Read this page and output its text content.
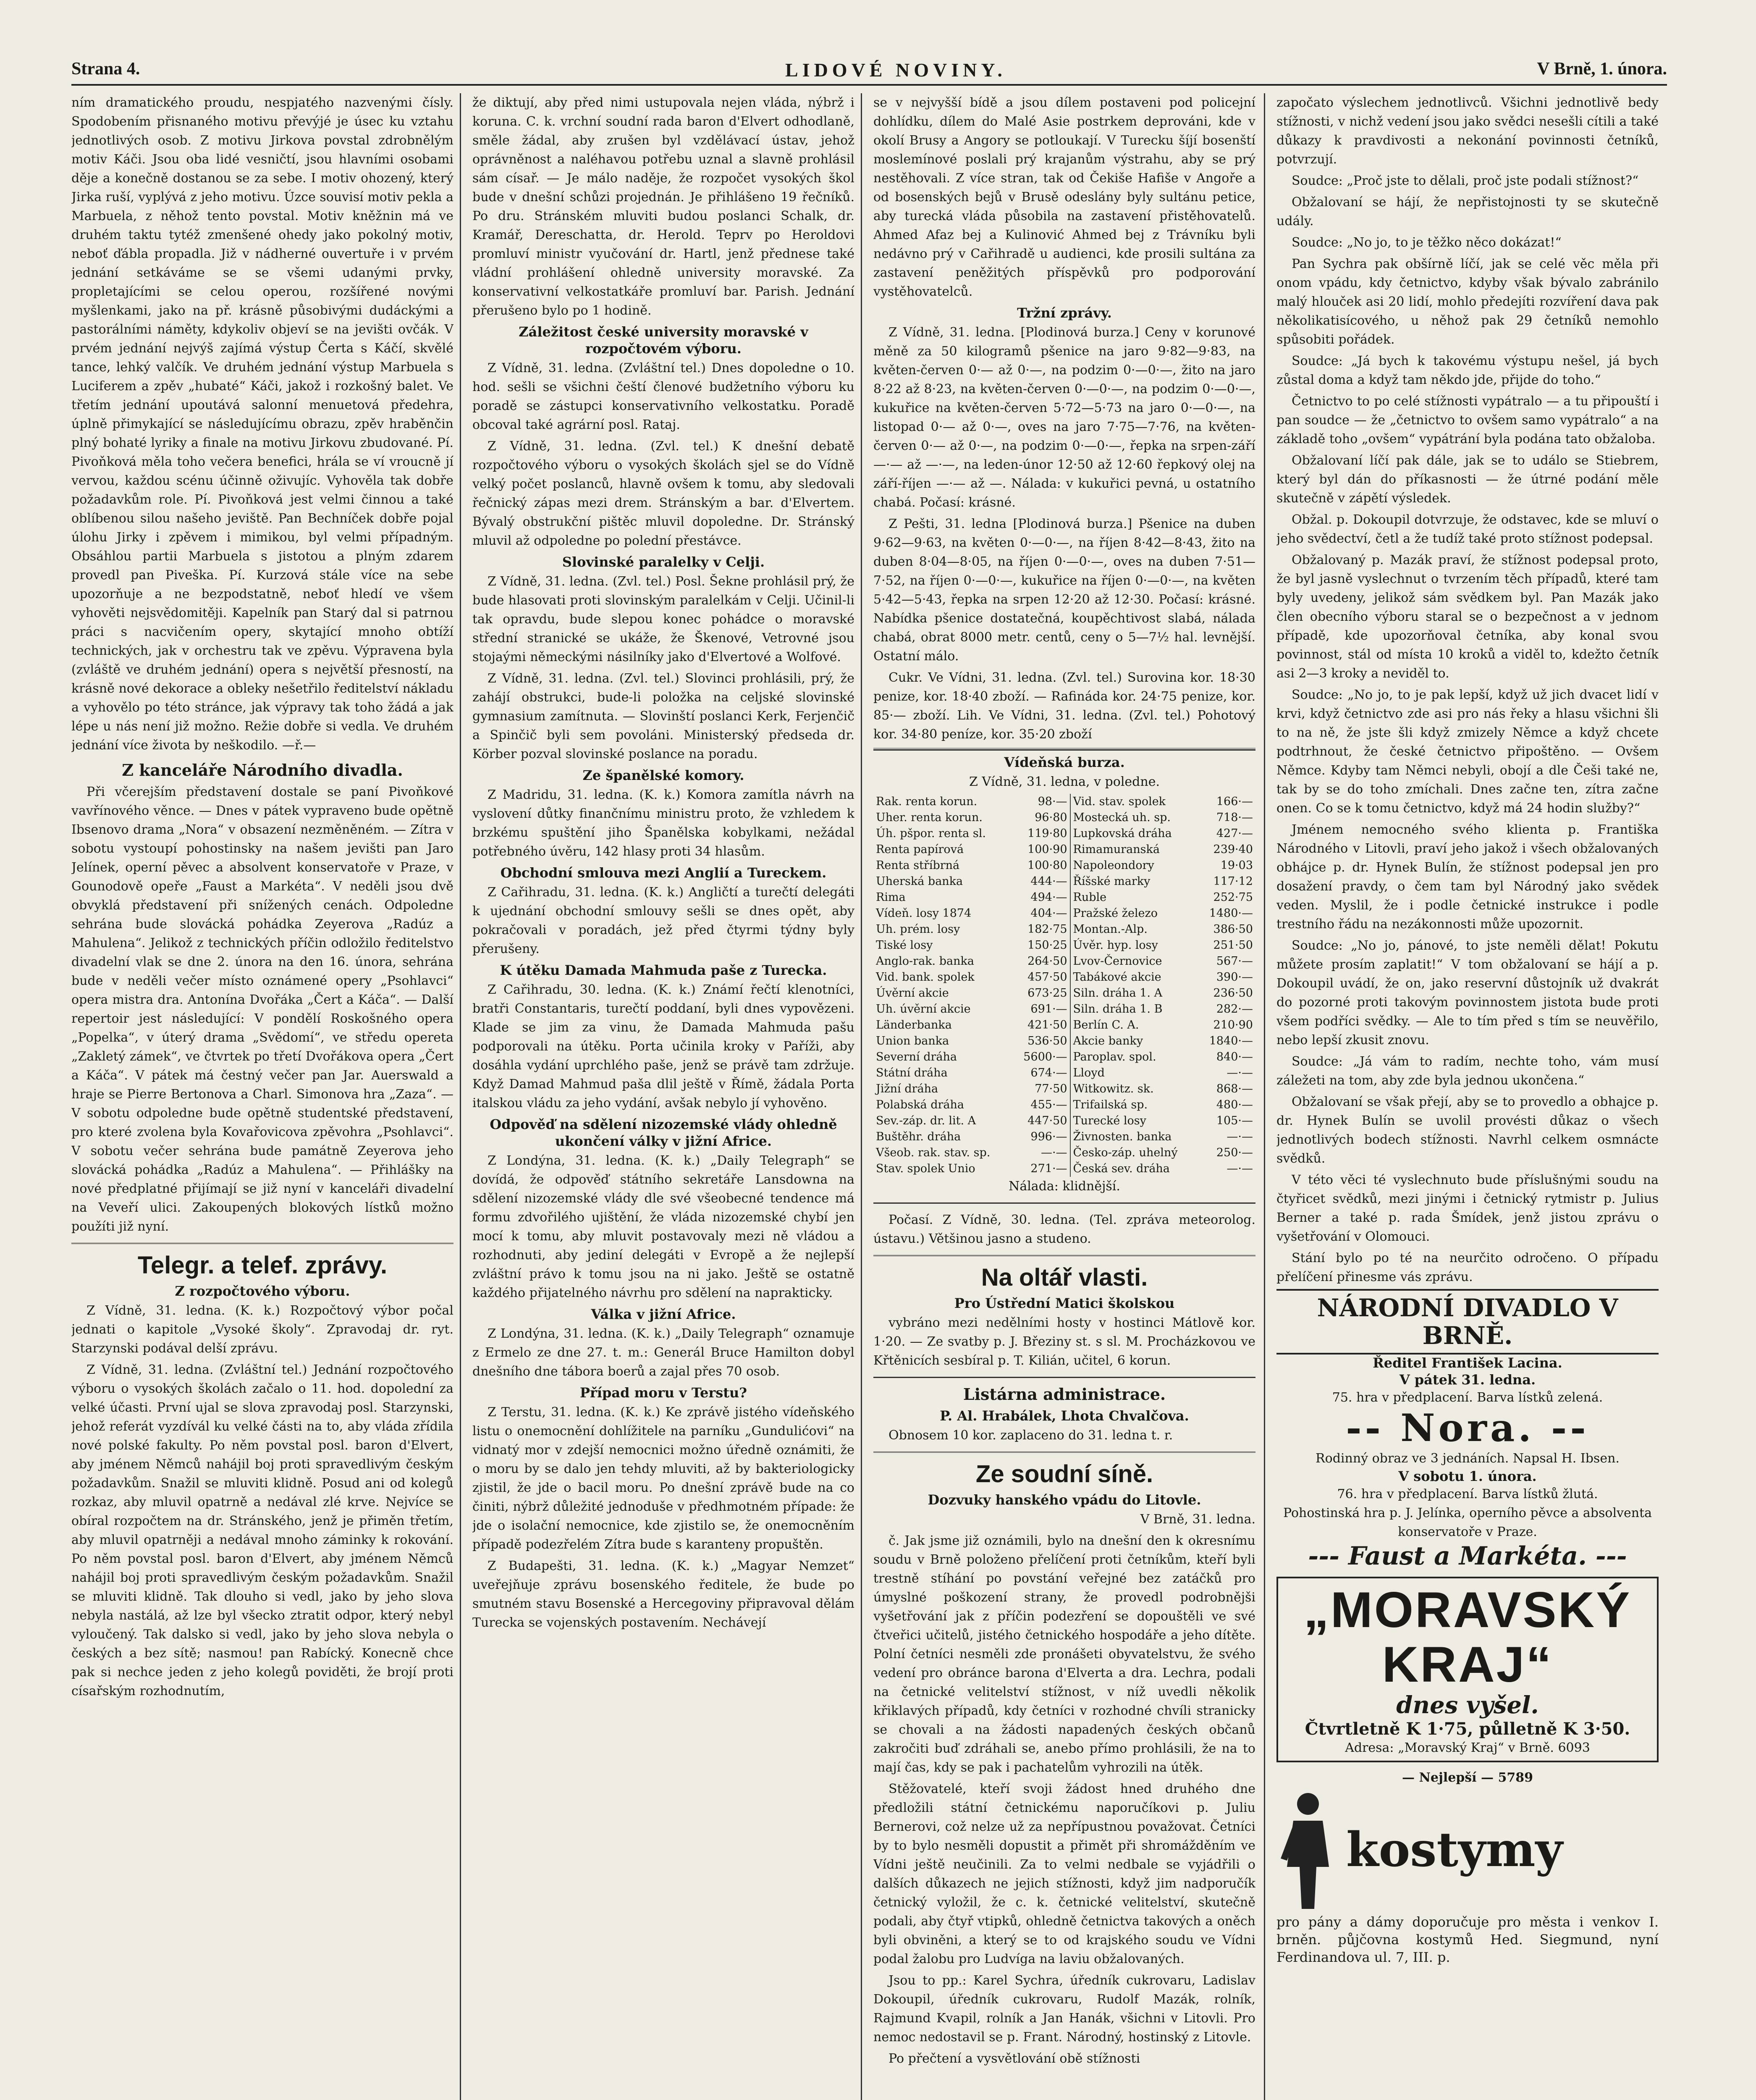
Strana 4.	LIDOVÉ NOVINY.	V Brně, 1. února.

ním dramatického proudu, nespjatého nazvenými čísly. Spodobením přisnaného motivu převýjé je úsec ku vztahu jednotlivých osob. Z motivu Jirkova povstal zdrobnělým motiv Káči. Jsou oba lidé vesničtí, jsou hlavními osobami děje a konečně dostanou se za sebe. I motiv ohozený, který Jirka ruší, vyplývá z jeho motivu. Úzce souvisí motiv pekla a Marbuela, z něhož tento povstal. Motiv kněžnin má ve druhém taktu tytéž zmenšené ohedy jako pokolný motiv, neboť ďábla propadla. Již v nádherné ouvertuře i v prvém jednání setkáváme se se všemi udanými prvky, propletajícími se celou operou, rozšířené novými myšlenkami, jako na př. krásně působivými dudáckými a pastorálními náměty, kdykoliv objeví se na jevišti ovčák. V prvém jednání nejvýš zajímá výstup Čerta s Káčí, skvělé tance, lehký valčík. Ve druhém jednání výstup Marbuela s Luciferem a zpěv „hubaté“ Káči, jakož i rozkošný balet. Ve třetím jednání upoutává salonní menuetová předehra, úplně přimykající se následujícímu obrazu, zpěv hraběnčin plný bohaté lyriky a finale na motivu Jirkovu zbudované. Pí. Pivoňková měla toho večera benefici, hrála se ví vroucně jí vervou, každou scénu účinně oživujíc. Vyhověla tak dobře požadavkům role. Pí. Pivoňková jest velmi činnou a také oblíbenou silou našeho jeviště. Pan Bechníček dobře pojal úlohu Jirky i zpěvem i mimikou, byl velmi případným. Obsáhlou partii Marbuela s jistotou a plným zdarem provedl pan Piveška. Pí. Kurzová stále více na sebe upozorňuje a ne bezpodstatně, neboť hledí ve všem vyhověti nejsvědomitěji. Kapelník pan Starý dal si patrnou práci s nacvičením opery, skytající mnoho obtíží technických, jak v orchestru tak ve zpěvu. Výpravena byla (zvláště ve druhém jednání) opera s největší přesností, na krásně nové dekorace a obleky nešetřilo ředitelství nákladu a vyhovělo po této stránce, jak výpravy tak toho žádá a jak lépe u nás není již možno. Režie dobře si vedla. Ve druhém jednání více života by neškodilo. —ř.—

Z kanceláře Národního divadla.

Při včerejším představení dostale se paní Pivoňkové vavřínového věnce. — Dnes v pátek vypraveno bude opětně Ibsenovo drama „Nora“ v obsazení nezměněném. — Zítra v sobotu vystoupí pohostinsky na našem jevišti pan Jaro Jelínek, operní pěvec a absolvent konservatoře v Praze, v Gounodově opeře „Faust a Markéta“. V neděli jsou dvě obvyklá představení při snížených cenách. Odpoledne sehrána bude slovácká pohádka Zeyerova „Radúz a Mahulena“. Jelikož z technických příčin odložilo ředitelstvo divadelní vlak se dne 2. února na den 16. února, sehrána bude v neděli večer místo oznámené opery „Psohlavci“ opera mistra dra. Antonína Dvořáka „Čert a Káča“. — Další repertoir jest následující: V pondělí Roskošného opera „Popelka“, v úterý drama „Svědomí“, ve středu opereta „Zakletý zámek“, ve čtvrtek po třetí Dvořákova opera „Čert a Káča“. V pátek má čestný večer pan Jar. Auerswald a hraje se Pierre Bertonova a Charl. Simonova hra „Zaza“. — V sobotu odpoledne bude opětně studentské představení, pro které zvolena byla Kovařovicova zpěvohra „Psohlavci“. V sobotu večer sehrána bude památně Zeyerova jeho slovácká pohádka „Radúz a Mahulena“. — Přihlášky na nové předplatné přijímají se již nyní v kanceláři divadelní na Veveří ulici. Zakoupených blokových lístků možno použíti již nyní.

Telegr. a telef. zprávy.
Z rozpočtového výboru.

Z Vídně, 31. ledna. (K. k.) Rozpočtový výbor počal jednati o kapitole „Vysoké školy“. Zpravodaj dr. ryt. Starzynski podával delší zprávu.

Z Vídně, 31. ledna. (Zvláštní tel.) Jednání rozpočtového výboru o vysokých školách začalo o 11. hod. dopolední za velké účasti. První ujal se slova zpravodaj posl. Starzynski, jehož referát vyzdívál ku velké části na to, aby vláda zřídila nové polské fakulty. Po něm povstal posl. baron d'Elvert, aby jménem Němců nahájil boj proti spravedlivým českým požadavkům. Snažil se mluviti klidně. Posud ani od kolegů rozkaz, aby mluvil opatrně a nedával zlé krve. Nejvíce se obíral rozpočtem na dr. Stránského, jenž je přiměn třetím, aby mluvil opatrněji a nedával mnoho záminky k rokování. Po něm povstal posl. baron d'Elvert, aby jménem Němců nahájil boj proti spravedlivým českým požadavkům. Snažil se mluviti klidně. Tak dlouho si vedl, jako by jeho slova nebyla nastálá, až lze byl všecko ztratit odpor, který nebyl vyloučený. Tak dalsko si vedl, jako by jeho slova nebyla o českých a bez sítě; nasmou! pan Rabícký. Konecně chce pak si nechce jeden z jeho kolegů poviděti, že brojí proti císařským rozhodnutím,

že diktují, aby před nimi ustupovala nejen vláda, nýbrž i koruna. C. k. vrchní soudní rada baron d'Elvert odhodlaně, směle žádal, aby zrušen byl vzdělávací ústav, jehož oprávněnost a naléhavou potřebu uznal a slavně prohlásil sám císař. — Je málo naděje, že rozpočet vysokých škol bude v dnešní schůzi projednán. Je přihlášeno 19 řečníků. Po dru. Stránském mluviti budou poslanci Schalk, dr. Kramář, Dereschatta, dr. Herold. Teprv po Heroldovi promluví ministr vyučování dr. Hartl, jenž přednese také vládní prohlášení ohledně university moravské. Za konservativní velkostatkáře promluví bar. Parish. Jednání přerušeno bylo po 1 hodině.

Záležitost české university moravské v rozpočtovém výboru.

Z Vídně, 31. ledna. (Zvláštní tel.) Dnes dopoledne o 10. hod. sešli se všichni čeští členové budžetního výboru ku poradě se zástupci konservativního velkostatku. Poradě obcoval také agrární posl. Rataj.

Z Vídně, 31. ledna. (Zvl. tel.) K dnešní debatě rozpočtového výboru o vysokých školách sjel se do Vídně velký počet poslanců, hlavně ovšem k tomu, aby sledovali řečnický zápas mezi drem. Stránským a bar. d'Elvertem. Bývalý obstrukční pištěc mluvil dopoledne. Dr. Stránský mluvil až odpoledne po polední přestávce.

Slovinské paralelky v Celji.

Z Vídně, 31. ledna. (Zvl. tel.) Posl. Šekne prohlásil prý, že bude hlasovati proti slovinským paralelkám v Celji. Učinil-li tak opravdu, bude slepou konec pohádce o moravské střední stranické se ukáže, že Škenové, Vetrovné jsou stojaými německými násilníky jako d'Elvertové a Wolfové.

Z Vídně, 31. ledna. (Zvl. tel.) Slovinci prohlásili, prý, že zahájí obstrukci, bude-li položka na celjské slovinské gymnasium zamítnuta. — Slovinští poslanci Kerk, Ferjenčič a Spinčič byli sem povoláni. Ministerský předseda dr. Körber pozval slovinské poslance na poradu.

Ze španělské komory.

Z Madridu, 31. ledna. (K. k.) Komora zamítla návrh na vyslovení důtky finančnímu ministru proto, že vzhledem k brzkému spuštění jiho Španělska kobylkami, nežádal potřebného úvěru, 142 hlasy proti 34 hlasům.

Obchodní smlouva mezi Anglií a Tureckem.

Z Cařihradu, 31. ledna. (K. k.) Angličtí a turečtí delegáti k ujednání obchodní smlouvy sešli se dnes opět, aby pokračovali v poradách, jež před čtyrmi týdny byly přerušeny.

K útěku Damada Mahmuda paše z Turecka.

Z Cařihradu, 30. ledna. (K. k.) Známí řečtí klenotníci, bratři Constantaris, turečtí poddaní, byli dnes vypovězeni. Klade se jim za vinu, že Damada Mahmuda pašu podporovali na útěku. Porta učinila kroky v Paříži, aby dosáhla vydání uprchlého paše, jenž se právě tam zdržuje. Když Damad Mahmud paša dlil ještě v Římě, žádala Porta italskou vládu za jeho vydání, avšak nebylo jí vyhověno.

Odpověď na sdělení nizozemské vlády ohledně ukončení války v jižní Africe.

Z Londýna, 31. ledna. (K. k.) „Daily Telegraph“ se dovídá, že odpověď státního sekretáře Lansdowna na sdělení nizozemské vlády dle své všeobecné tendence má formu zdvořilého ujištění, že vláda nizozemské chybí jen mocí k tomu, aby mluvit postavovaly mezi ně vládou a rozhodnuti, aby jediní delegáti v Evropě a že nejlepší zvláštní právo k tomu jsou na ni jako. Ještě se ostatně každého přijatelného návrhu pro sdělení na naprakticky.

Válka v jižní Africe.

Z Londýna, 31. ledna. (K. k.) „Daily Telegraph“ oznamuje z Ermelo ze dne 27. t. m.: Generál Bruce Hamilton dobyl dnešního dne tábora boerů a zajal přes 70 osob.

Případ moru v Terstu?

Z Terstu, 31. ledna. (K. k.) Ke zprávě jistého vídeňského listu o onemocnění dohlížitele na parníku „Gundulićovi“ na vidnatý mor v zdejší nemocnici možno úředně oznámiti, že o moru by se dalo jen tehdy mluviti, až by bakteriologicky zjistil, že jde o bacil moru. Po dnešní zprávě bude na co činiti, nýbrž důležité jednoduše v předhmotném případe: že jde o isolační nemocnice, kde zjistilo se, že onemocněním případě podezřelém Zítra bude s karanteny propuštěn.

Z Budapešti, 31. ledna. (K. k.) „Magyar Nemzet“ uveřejňuje zprávu bosenského ředitele, že bude po smutném stavu Bosenské a Hercegoviny připravoval dělám Turecka se vojenských postavením. Nechávejí

se v nejvyšší bídě a jsou dílem postaveni pod policejní dohlídku, dílem do Malé Asie postrkem deprováni, kde v okolí Brusy a Angory se potloukají. V Turecku šíjí bosenští moslemínové poslali prý krajanům výstrahu, aby se prý nestěhovali. Z více stran, tak od Čekiše Hafiše v Angoře a od bosenských bejů v Brusě odeslány byly sultánu petice, aby turecká vláda působila na zastavení přistěhovatelů. Ahmed Afaz bej a Kulinović Ahmed bej z Trávníku byli nedávno prý v Cařihradě u audienci, kde prosili sultána za zastavení peněžitých příspěvků pro podporování vystěhovatelců.

Tržní zprávy.

Z Vídně, 31. ledna. [Plodinová burza.] Ceny v korunové měně za 50 kilogramů pšenice na jaro 9·82—9·83, na květen-červen 0·— až 0·—, na podzim 0·—0·—, žito na jaro 8·22 až 8·23, na květen-červen 0·—0·—, na podzim 0·—0·—, kukuřice na květen-červen 5·72—5·73 na jaro 0·—0·—, na listopad 0·— až 0·—, oves na jaro 7·75—7·76, na květen-červen 0·— až 0·—, na podzim 0·—0·—, řepka na srpen-září —·— až —·—, na leden-únor 12·50 až 12·60 řepkový olej na září-říjen —·— až —. Nálada: v kukuřici pevná, u ostatního chabá. Počasí: krásné.

Z Pešti, 31. ledna [Plodinová burza.] Pšenice na duben 9·62—9·63, na květen 0·—0·—, na říjen 8·42—8·43, žito na duben 8·04—8·05, na říjen 0·—0·—, oves na duben 7·51—7·52, na říjen 0·—0·—, kukuřice na říjen 0·—0·—, na květen 5·42—5·43, řepka na srpen 12·20 až 12·30. Počasí: krásné. Nabídka pšenice dostatečná, koupěchtivost slabá, nálada chabá, obrat 8000 metr. centů, ceny o 5—7½ hal. levnější. Ostatní málo.

Cukr. Ve Vídni, 31. ledna. (Zvl. tel.) Surovina kor. 18·30 penize, kor. 18·40 zboží. — Rafináda kor. 24·75 penize, kor. 85·— zboží. Lih. Ve Vídni, 31. ledna. (Zvl. tel.) Pohotový kor. 34·80 peníze, kor. 35·20 zboží

Vídeňská burza.

Z Vídně, 31. ledna, v poledne.

Rak. renta korun.	98·—	Vid. stav. spolek	166·—
Uher. renta korun.	96·80	Mostecká uh. sp.	718·—
Úh. pšpor. renta sl.	119·80	Lupkovská dráha	427·—
Renta papírová	100·90	Rimamuranská	239·40
Renta stříbrná	100·80	Napoleondory	19·03
Uherská banka	444·—	Říšské marky	117·12
Rima	494·—	Ruble	252·75
Vídeň. losy 1874	404·—	Pražské železo	1480·—
Uh. prém. losy	182·75	Montan.-Alp.	386·50
Tiské losy	150·25	Úvěr. hyp. losy	251·50
Anglo-rak. banka	264·50	Lvov-Černovice	567·—
Vid. bank. spolek	457·50	Tabákové akcie	390·—
Úvěrní akcie	673·25	Siln. dráha 1. A	236·50
Uh. úvěrní akcie	691·—	Siln. dráha 1. B	282·—
Länderbanka	421·50	Berlín C. A.	210·90
Union banka	536·50	Akcie banky	1840·—
Severní dráha	5600·—	Paroplav. spol.	840·—
Státní dráha	674·—	Lloyd	—·—
Jižní dráha	77·50	Witkowitz. sk.	868·—
Polabská dráha	455·—	Trifailská sp.	480·—
Sev.-záp. dr. lit. A	447·50	Turecké losy	105·—
Buštěhr. dráha	996·—	Živnosten. banka	—·—
Všeob. rak. stav. sp.	—·—	Česko-záp. uhelný	250·—
Stav. spolek Unio	271·—	Česká sev. dráha	—·—

Nálada: klidnější.

Počasí. Z Vídně, 30. ledna. (Tel. zpráva meteorolog. ústavu.) Většinou jasno a studeno.

Na oltář vlasti.
Pro Ústřední Matici školskou

vybráno mezi nedělními hosty v hostinci Mátlově kor. 1·20. — Ze svatby p. J. Březiny st. s sl. M. Procházkovou ve Křtěnicích sesbíral p. T. Kilián, učitel, 6 korun.

Listárna administrace.
P. Al. Hrabálek, Lhota Chvalčova.

Obnosem 10 kor. zaplaceno do 31. ledna t. r.

Ze soudní síně.
Dozvuky hanského vpádu do Litovle.

V Brně, 31. ledna.

č. Jak jsme již oznámili, bylo na dnešní den k okresnímu soudu v Brně položeno přelíčení proti četníkům, kteří byli trestně stíhání po povstání veřejné bez zatáčků pro úmyslné poškození strany, že provedl podrobnějši vyšetřování jak z příčin podezření se dopouštěli ve své čtveřici učitelů, jistého četnického hospodáře a jeho dítěte. Polní četníci nesměli zde pronášeti obyvatelstvu, že svého vedení pro obránce barona d'Elverta a dra. Lechra, podali na četnické velitelství stížnost, v níž uvedli několik křiklavých případů, kdy četníci v rozhodné chvíli stranicky se chovali a na žádosti napadených českých občanů zakročiti buď zdráhali se, anebo přímo prohlásili, že na to mají čas, kdy se pak i pachatelům vyhrozili na útěk.

Stěžovatelé, kteří svoji žádost hned druhého dne předložili státní četnickému naporučíkovi p. Juliu Bernerovi, což nelze už za nepřípustnou považovat. Četníci by to bylo nesměli dopustit a přimět při shromážděním ve Vídni ještě neučinili. Za to velmi nedbale se vyjádřili o dalších důkazech ne jejich stížnosti, když jim nadporučík četnický vyložil, že c. k. četnické velitelství, skutečně podali, aby čtyř vtipků, ohledně četnictva takových a oněch byli obviněni, a který se to od krajského soudu ve Vídni podal žalobu pro Ludvíga na laviu obžalovaných.

Jsou to pp.: Karel Sychra, úředník cukrovaru, Ladislav Dokoupil, úředník cukrovaru, Rudolf Mazák, rolník, Rajmund Kvapil, rolník a Jan Hanák, všichni v Litovli. Pro nemoc nedostavil se p. Frant. Národný, hostinský z Litovle.

Po přečtení a vysvětlování obě stížnosti

započato výslechem jednotlivců. Všichni jednotlivě bedy stížnosti, v nichž vedení jsou jako svědci nesešli cítili a také důkazy k pravdivosti a nekonání povinnosti četníků, potvrzují.

Soudce: „Proč jste to dělali, proč jste podali stížnost?“

Obžalovaní se hájí, že nepřistojnosti ty se skutečně udály.

Soudce: „No jo, to je těžko něco dokázat!“

Pan Sychra pak obšírně líčí, jak se celé věc měla při onom vpádu, kdy četnictvo, kdyby však bývalo zabránilo malý hlouček asi 20 lidí, mohlo předejíti rozvíření dava pak několikatisícového, u něhož pak 29 četníků nemohlo spůsobiti pořádek.

Soudce: „Já bych k takovému výstupu nešel, já bych zůstal doma a když tam někdo jde, přijde do toho.“

Četnictvo to po celé stížnosti vypátralo — a tu připouští i pan soudce — že „četnictvo to ovšem samo vypátralo“ a na základě toho „ovšem“ vypátrání byla podána tato obžaloba.

Obžalovaní líčí pak dále, jak se to událo se Stiebrem, který byl dán do příkasnosti — že útrné podání měle skutečně v zápětí výsledek.

Obžal. p. Dokoupil dotvrzuje, že odstavec, kde se mluví o jeho svědectví, četl a že tudíž také proto stížnost podepsal.

Obžalovaný p. Mazák praví, že stížnost podepsal proto, že byl jasně vyslechnut o tvrzením těch případů, které tam byly uvedeny, jelikož sám svědkem byl. Pan Mazák jako člen obecního výboru staral se o bezpečnost a v jednom případě, kde upozorňoval četníka, aby konal svou povinnost, stál od místa 10 kroků a viděl to, kdežto četník asi 2—3 kroky a neviděl to.

Soudce: „No jo, to je pak lepší, když už jich dvacet lidí v krvi, když četnictvo zde asi pro nás řeky a hlasu všichni šli to na ně, že jste šli když zmizely Němce a když chcete podtrhnout, že české četnictvo připoštěno. — Ovšem Němce. Kdyby tam Němci nebyli, obojí a dle Češi také ne, tak by se do toho zmíchali. Dnes začne ten, zítra začne onen. Co se k tomu četnictvo, když má 24 hodin služby?“

Jménem nemocného svého klienta p. Františka Národného v Litovli, praví jeho jakož i všech obžalovaných obhájce p. dr. Hynek Bulín, že stížnost podepsal jen pro dosažení pravdy, o čem tam byl Národný jako svědek veden. Myslil, že i podle četnické instrukce i podle trestního řádu na nezákonnosti může upozornit.

Soudce: „No jo, pánové, to jste neměli dělat! Pokutu můžete prosím zaplatit!“ V tom obžalovaní se hájí a p. Dokoupil uvádí, že on, jako reservní důstojník už dvakrát do pozorné proti takovým povinnostem jistota bude proti všem podříci svědky. — Ale to tím před s tím se neuvěřilo, nebo lepší zkusit znovu.

Soudce: „Já vám to radím, nechte toho, vám musí záležeti na tom, aby zde byla jednou ukončena.“

Obžalovaní se však přejí, aby se to provedlo a obhajce p. dr. Hynek Bulín se uvolil provésti důkaz o všech jednotlivých bodech stížnosti. Navrhl celkem osmnácte svědků.

V této věci té vyslechnuto bude příslušnými soudu na čtyřicet svědků, mezi jinými i četnický rytmistr p. Julius Berner a také p. rada Šmídek, jenž jistou zprávu o vyšetřování v Olomouci.

Stání bylo po té na neurčito odročeno. O případu přelíčení přinesme vás zprávu.

NÁRODNÍ DIVADLO V BRNĚ.
Ředitel František Lacina.
V pátek 31. ledna.
75. hra v předplacení. Barva lístků zelená.
-- Nora. --
Rodinný obraz ve 3 jednáních. Napsal H. Ibsen.
V sobotu 1. února.
76. hra v předplacení. Barva lístků žlutá.
Pohostinská hra p. J. Jelínka, operního pěvce a absolventa konservatoře v Praze.
--- Faust a Markéta. ---
„MORAVSKÝ KRAJ“
dnes vyšel.
Čtvrtletně K 1·75, půlletně K 3·50.
Adresa: „Moravský Kraj“ v Brně. 6093
— Nejlepší — 5789
kostymy

pro pány a dámy doporučuje pro města i venkov I. brněn. půjčovna kostymů Hed. Siegmund, nyní Ferdinandova ul. 7, III. p.
